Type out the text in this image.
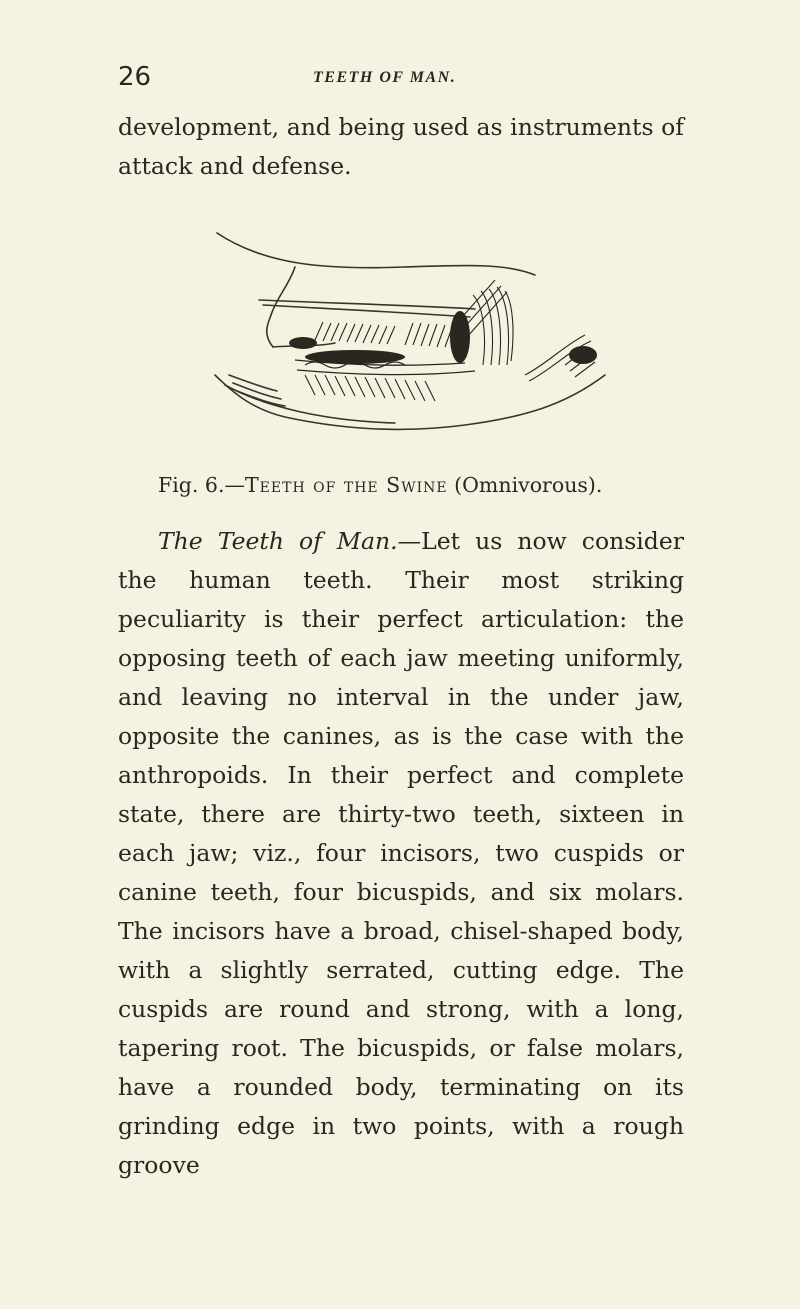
26	TEETH OF MAN.
development, and being used as instruments of attack and defense.
Fig. 6.—Teeth of the Swine (Omnivorous).
The Teeth of Man.—Let us now consider the human teeth. Their most striking peculiarity is their perfect articulation: the opposing teeth of each jaw meeting uniformly, and leaving no interval in the under jaw, opposite the canines, as is the case with the anthropoids. In their perfect and complete state, there are thirty-two teeth, sixteen in each jaw; viz., four incisors, two cuspids or canine teeth, four bicuspids, and six molars. The incisors have a broad, chisel-shaped body, with a slightly serrated, cutting edge. The cuspids are round and strong, with a long, tapering root. The bicuspids, or false molars, have a rounded body, terminating on its grinding edge in two points, with a rough groove
